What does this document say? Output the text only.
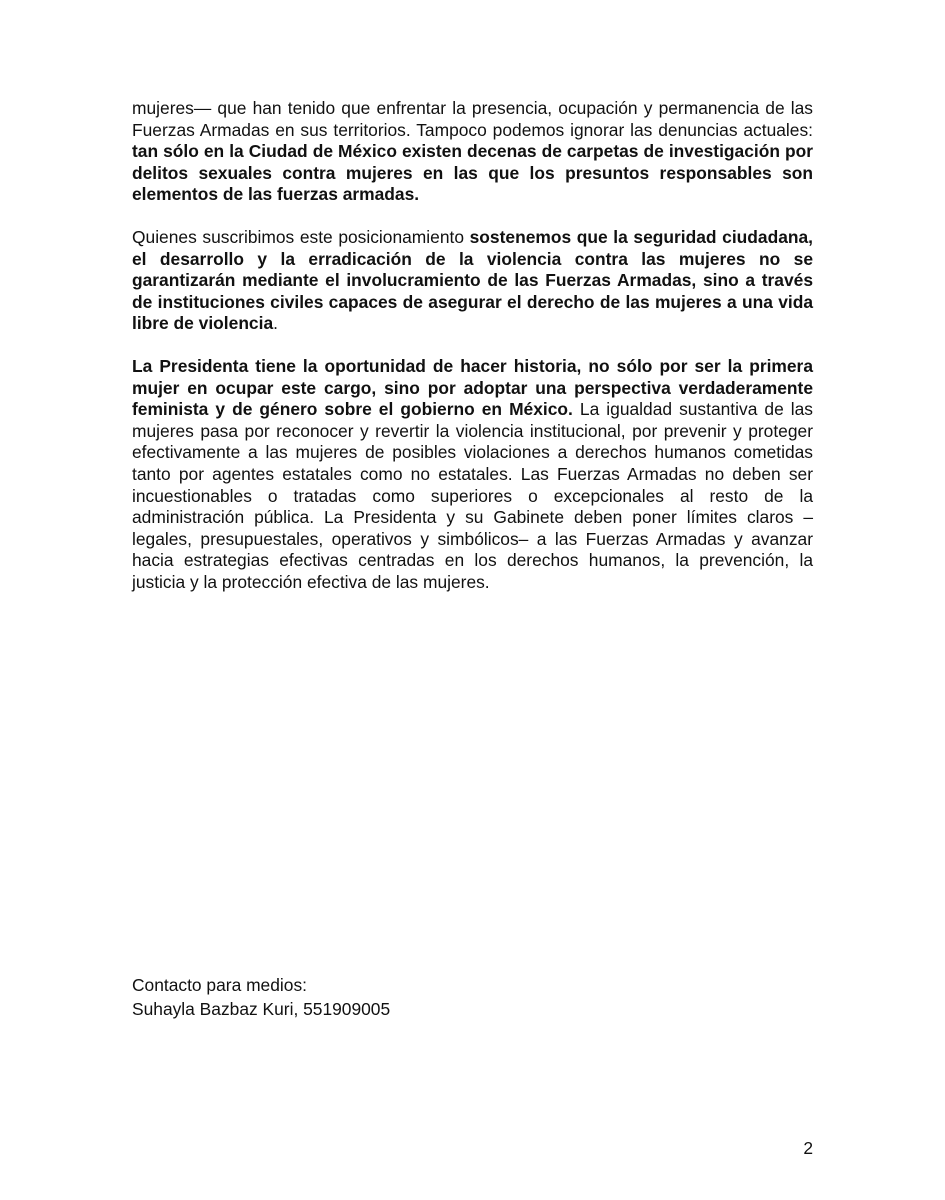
mujeres— que han tenido que enfrentar la presencia, ocupación y permanencia de las Fuerzas Armadas en sus territorios. Tampoco podemos ignorar las denuncias actuales: tan sólo en la Ciudad de México existen decenas de carpetas de investigación por delitos sexuales contra mujeres en las que los presuntos responsables son elementos de las fuerzas armadas.

Quienes suscribimos este posicionamiento sostenemos que la seguridad ciudadana, el desarrollo y la erradicación de la violencia contra las mujeres no se garantizarán mediante el involucramiento de las Fuerzas Armadas, sino a través de instituciones civiles capaces de asegurar el derecho de las mujeres a una vida libre de violencia.

La Presidenta tiene la oportunidad de hacer historia, no sólo por ser la primera mujer en ocupar este cargo, sino por adoptar una perspectiva verdaderamente feminista y de género sobre el gobierno en México. La igualdad sustantiva de las mujeres pasa por reconocer y revertir la violencia institucional, por prevenir y proteger efectivamente a las mujeres de posibles violaciones a derechos humanos cometidas tanto por agentes estatales como no estatales. Las Fuerzas Armadas no deben ser incuestionables o tratadas como superiores o excepcionales al resto de la administración pública. La Presidenta y su Gabinete deben poner límites claros –legales, presupuestales, operativos y simbólicos– a las Fuerzas Armadas y avanzar hacia estrategias efectivas centradas en los derechos humanos, la prevención, la justicia y la protección efectiva de las mujeres.

Contacto para medios:
Suhayla Bazbaz Kuri, 551909005
2
